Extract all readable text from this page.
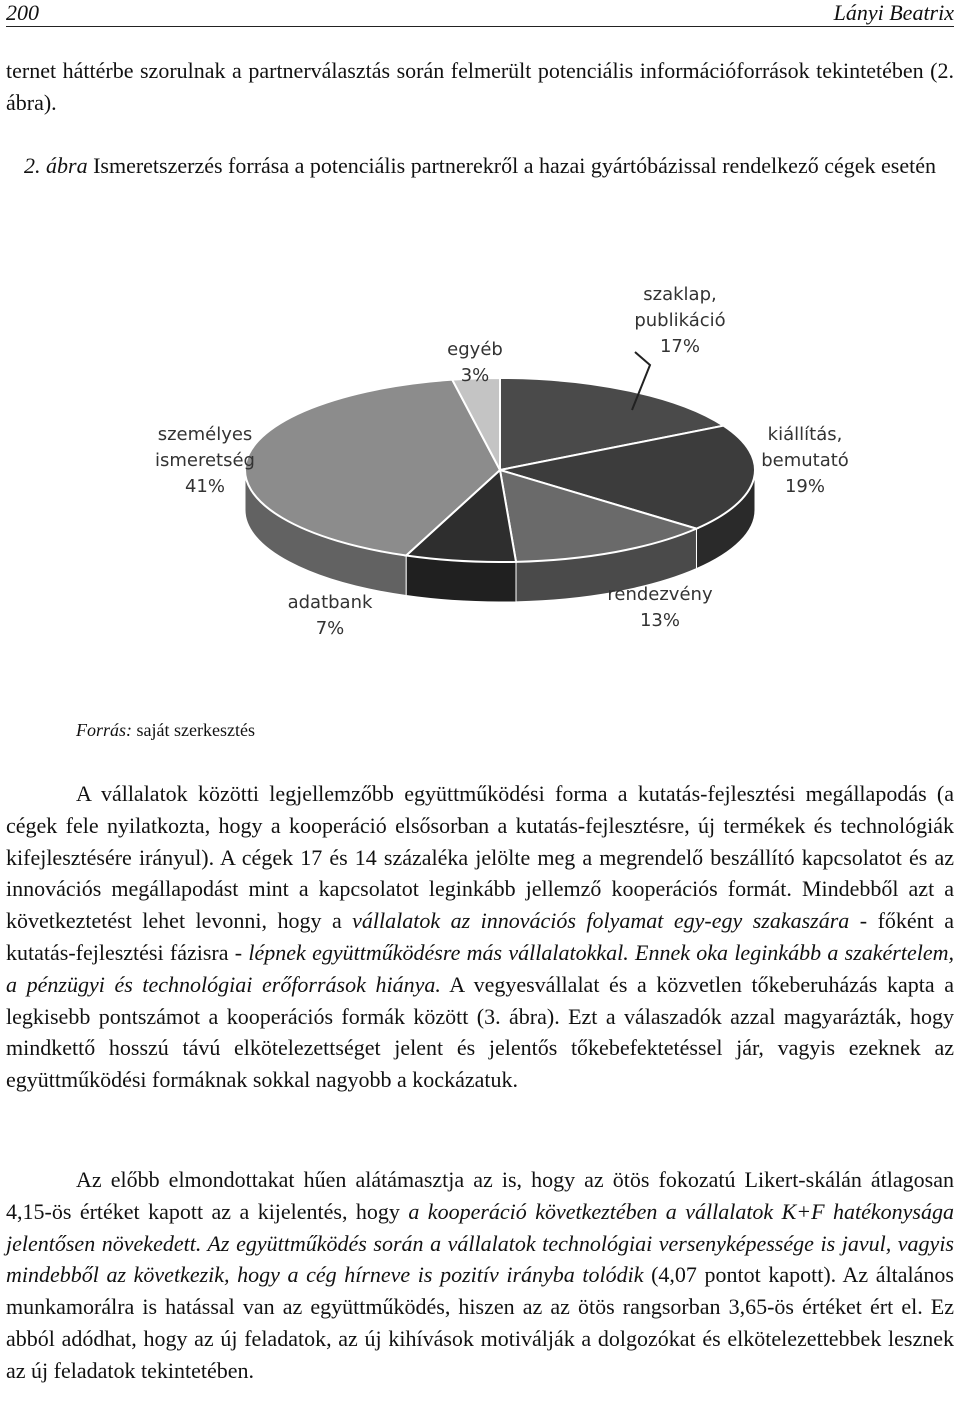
200	Lányi Beatrix

ternet háttérbe szorulnak a partnerválasztás során felmerült potenciális információforrások tekintetében (2. ábra).

2. ábra Ismeretszerzés forrása a potenciális partnerekről a hazai gyártóbázissal rendelkező cégek esetén
szaklap, publikáció 17%
kiállítás, bemutató 19%
rendezvény 13%
adatbank 7%
személyes ismeretség 41%
egyéb 3%
Forrás: saját szerkesztés

A vállalatok közötti legjellemzőbb együttműködési forma a kutatás-fejlesztési megállapodás (a cégek fele nyilatkozta, hogy a kooperáció elsősorban a kutatás-fejlesztésre, új termékek és technológiák kifejlesztésére irányul). A cégek 17 és 14 százaléka jelölte meg a megrendelő beszállító kapcsolatot és az innovációs megállapodást mint a kapcsolatot leginkább jellemző kooperációs formát. Mindebből azt a következtetést lehet levonni, hogy a vállalatok az innovációs folyamat egy-egy szakaszára - főként a kutatás-fejlesztési fázisra - lépnek együttműködésre más vállalatokkal. Ennek oka leginkább a szakértelem, a pénzügyi és technológiai erőforrások hiánya. A vegyesvállalat és a közvetlen tőkeberuházás kapta a legkisebb pontszámot a kooperációs formák között (3. ábra). Ezt a válaszadók azzal magyarázták, hogy mindkettő hosszú távú elkötelezettséget jelent és jelentős tőkebefektetéssel jár, vagyis ezeknek az együttműködési formáknak sokkal nagyobb a kockázatuk.

Az előbb elmondottakat hűen alátámasztja az is, hogy az ötös fokozatú Likert-skálán átlagosan 4,15-ös értéket kapott az a kijelentés, hogy a kooperáció következtében a vállalatok K+F hatékonysága jelentősen növekedett. Az együttműködés során a vállalatok technológiai versenyképessége is javul, vagyis mindebből az következik, hogy a cég hírneve is pozitív irányba tolódik (4,07 pontot kapott). Az általános munkamorálra is hatással van az együttműködés, hiszen az az ötös rangsorban 3,65-ös értéket ért el. Ez abból adódhat, hogy az új feladatok, az új kihívások motiválják a dolgozókat és elkötelezettebbek lesznek az új feladatok tekintetében.
